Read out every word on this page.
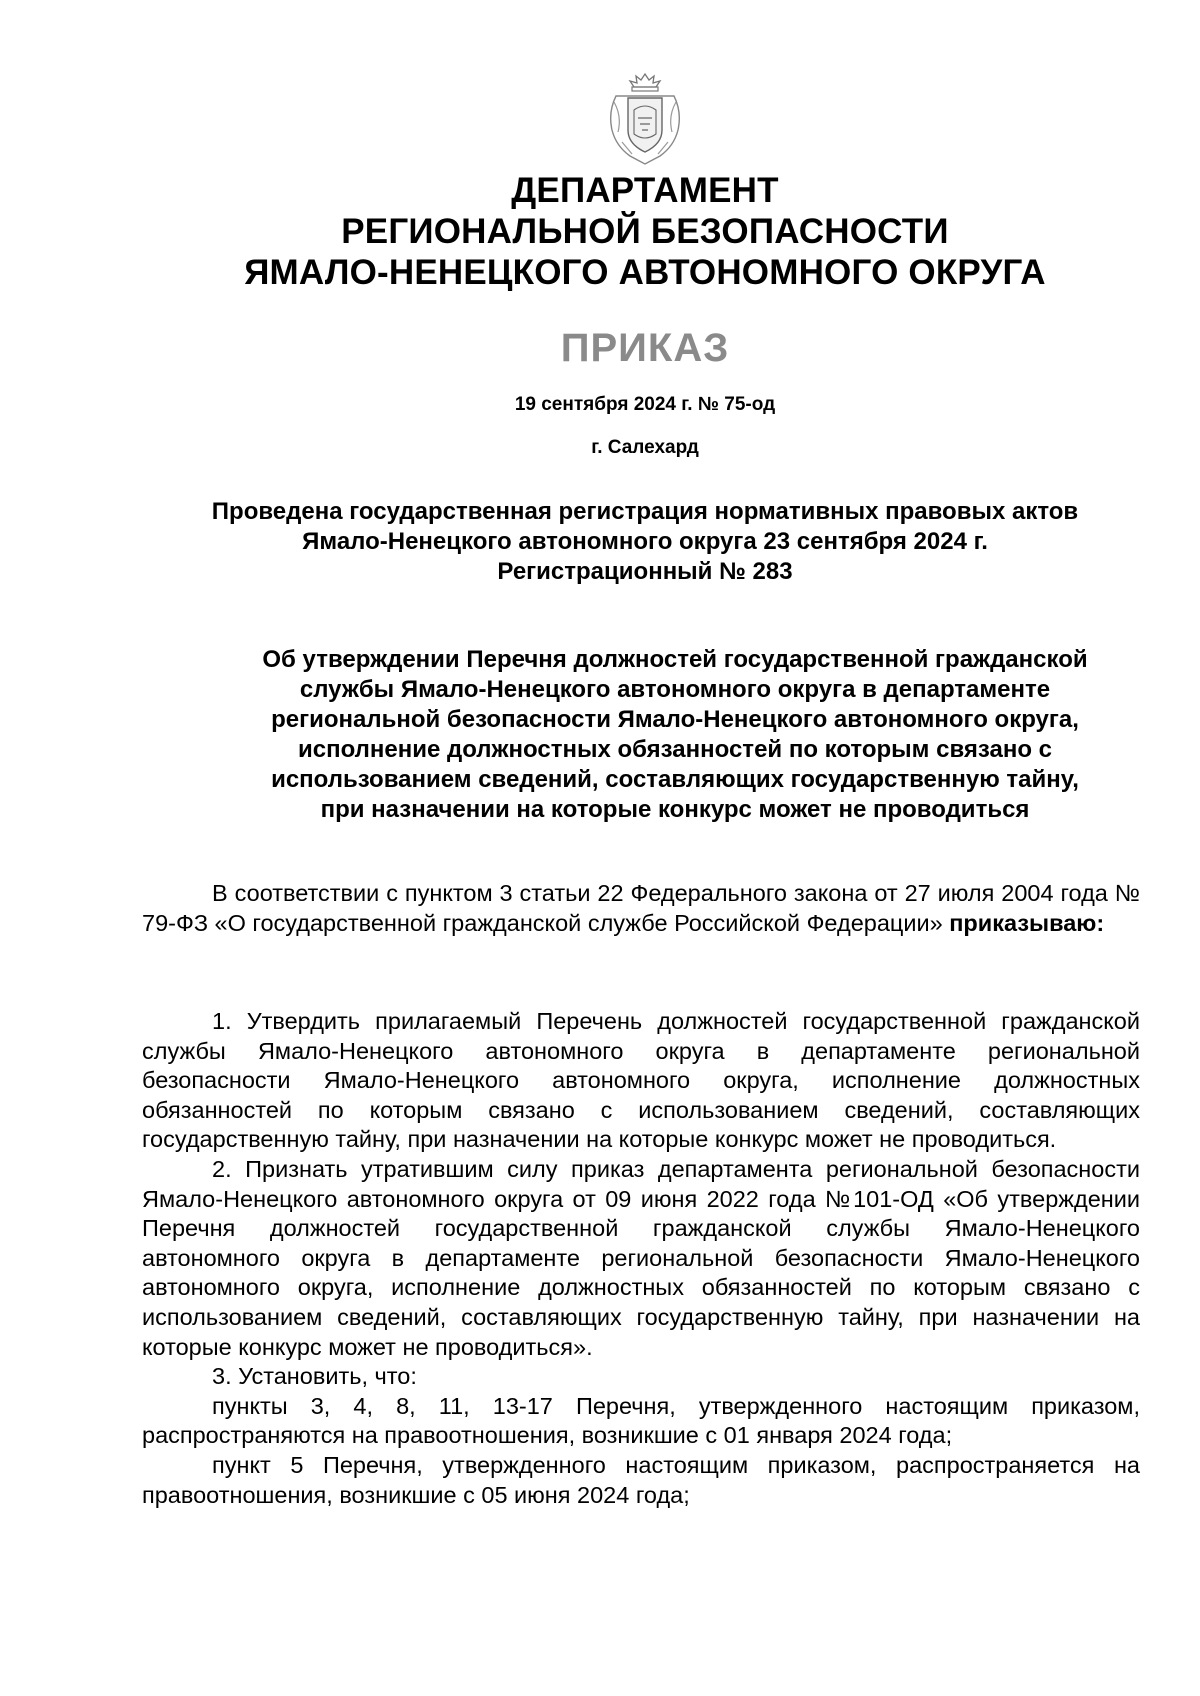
ДЕПАРТАМЕНТ
РЕГИОНАЛЬНОЙ БЕЗОПАСНОСТИ
ЯМАЛО-НЕНЕЦКОГО АВТОНОМНОГО ОКРУГА
ПРИКАЗ
19 сентября 2024 г. № 75-од
г. Салехард
Проведена государственная регистрация нормативных правовых актов
Ямало-Ненецкого автономного округа 23 сентября 2024 г.
Регистрационный № 283
Об утверждении Перечня должностей государственной гражданской
службы Ямало-Ненецкого автономного округа в департаменте
региональной безопасности Ямало-Ненецкого автономного округа,
исполнение должностных обязанностей по которым связано с
использованием сведений, составляющих государственную тайну,
при назначении на которые конкурс может не проводиться

В соответствии с пунктом 3 статьи 22 Федерального закона от 27 июля 2004 года № 79-ФЗ «О государственной гражданской службе Российской Федерации» приказываю:

1. Утвердить прилагаемый Перечень должностей государственной гражданской службы Ямало-Ненецкого автономного округа в департаменте региональной безопасности Ямало-Ненецкого автономного округа, исполнение должностных обязанностей по которым связано с использованием сведений, составляющих государственную тайну, при назначении на которые конкурс может не проводиться.

2. Признать утратившим силу приказ департамента региональной безопасности Ямало-Ненецкого автономного округа от 09 июня 2022 года №101-ОД «Об утверждении Перечня должностей государственной гражданской службы Ямало-Ненецкого автономного округа в департаменте региональной безопасности Ямало-Ненецкого автономного округа, исполнение должностных обязанностей по которым связано с использованием сведений, составляющих государственную тайну, при назначении на которые конкурс может не проводиться».

3. Установить, что:

пункты 3, 4, 8, 11, 13-17 Перечня, утвержденного настоящим приказом, распространяются на правоотношения, возникшие с 01 января 2024 года;

пункт 5 Перечня, утвержденного настоящим приказом, распространяется на правоотношения, возникшие с 05 июня 2024 года;
